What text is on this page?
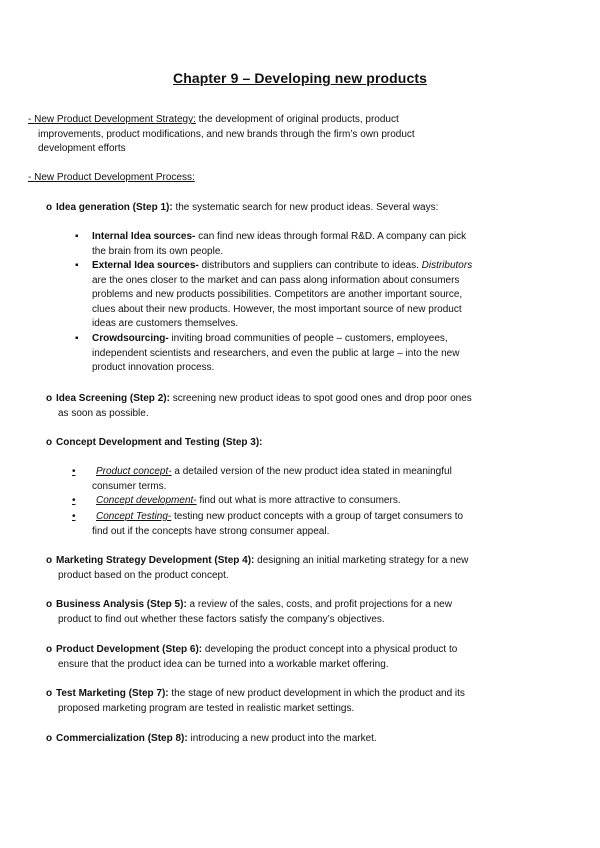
Chapter 9 – Developing new products
- New Product Development Strategy: the development of original products, product
improvements, product modifications, and new brands through the firm’s own product
development efforts
- New Product Development Process:
o Idea generation (Step 1): the systematic search for new product ideas. Several ways:
▪ Internal Idea sources- can find new ideas through formal R&D. A company can pick
the brain from its own people.
▪ External Idea sources- distributors and suppliers can contribute to ideas. Distributors
are the ones closer to the market and can pass along information about consumers
problems and new products possibilities. Competitors are another important source,
clues about their new products. However, the most important source of new product
ideas are customers themselves.
▪ Crowdsourcing- inviting broad communities of people – customers, employees,
independent scientists and researchers, and even the public at large – into the new
product innovation process.
o Idea Screening (Step 2): screening new product ideas to spot good ones and drop poor ones
as soon as possible.
o Concept Development and Testing (Step 3):
• Product concept- a detailed version of the new product idea stated in meaningful
consumer terms.
• Concept development- find out what is more attractive to consumers.
• Concept Testing- testing new product concepts with a group of target consumers to
find out if the concepts have strong consumer appeal.
o Marketing Strategy Development (Step 4): designing an initial marketing strategy for a new
product based on the product concept.
o Business Analysis (Step 5): a review of the sales, costs, and profit projections for a new
product to find out whether these factors satisfy the company’s objectives.
o Product Development (Step 6): developing the product concept into a physical product to
ensure that the product idea can be turned into a workable market offering.
o Test Marketing (Step 7): the stage of new product development in which the product and its
proposed marketing program are tested in realistic market settings.
o Commercialization (Step 8): introducing a new product into the market.
